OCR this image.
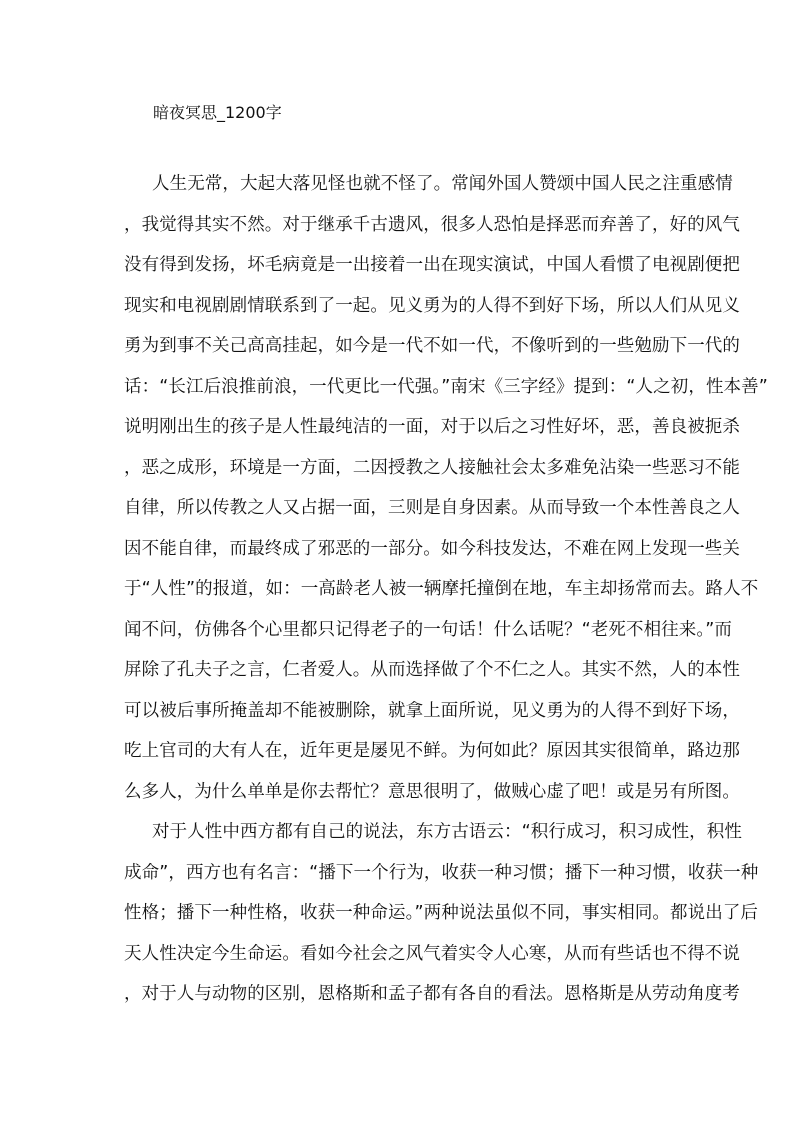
暗夜冥思_1200字
人生无常，大起大落见怪也就不怪了。常闻外国人赞颂中国人民之注重感情
，我觉得其实不然。对于继承千古遗风，很多人恐怕是择恶而弃善了，好的风气
没有得到发扬，坏毛病竟是一出接着一出在现实演试，中国人看惯了电视剧便把
现实和电视剧剧情联系到了一起。见义勇为的人得不到好下场，所以人们从见义
勇为到事不关己高高挂起，如今是一代不如一代，不像听到的一些勉励下一代的
话：“长江后浪推前浪，一代更比一代强。”南宋《三字经》提到：“人之初，性本善”
说明刚出生的孩子是人性最纯洁的一面，对于以后之习性好坏，恶，善良被扼杀
，恶之成形，环境是一方面，二因授教之人接触社会太多难免沾染一些恶习不能
自律，所以传教之人又占据一面，三则是自身因素。从而导致一个本性善良之人
因不能自律，而最终成了邪恶的一部分。如今科技发达，不难在网上发现一些关
于“人性”的报道，如：一高龄老人被一辆摩托撞倒在地，车主却扬常而去。路人不
闻不问，仿佛各个心里都只记得老子的一句话！什么话呢？“老死不相往来。”而
屏除了孔夫子之言，仁者爱人。从而选择做了个不仁之人。其实不然，人的本性
可以被后事所掩盖却不能被删除，就拿上面所说，见义勇为的人得不到好下场，
吃上官司的大有人在，近年更是屡见不鲜。为何如此？原因其实很简单，路边那
么多人，为什么单单是你去帮忙？意思很明了，做贼心虚了吧！或是另有所图。
对于人性中西方都有自己的说法，东方古语云：“积行成习，积习成性，积性
成命”，西方也有名言：“播下一个行为，收获一种习惯；播下一种习惯，收获一种
性格；播下一种性格，收获一种命运。”两种说法虽似不同，事实相同。都说出了后
天人性决定今生命运。看如今社会之风气着实令人心寒，从而有些话也不得不说
，对于人与动物的区别，恩格斯和孟子都有各自的看法。恩格斯是从劳动角度考
